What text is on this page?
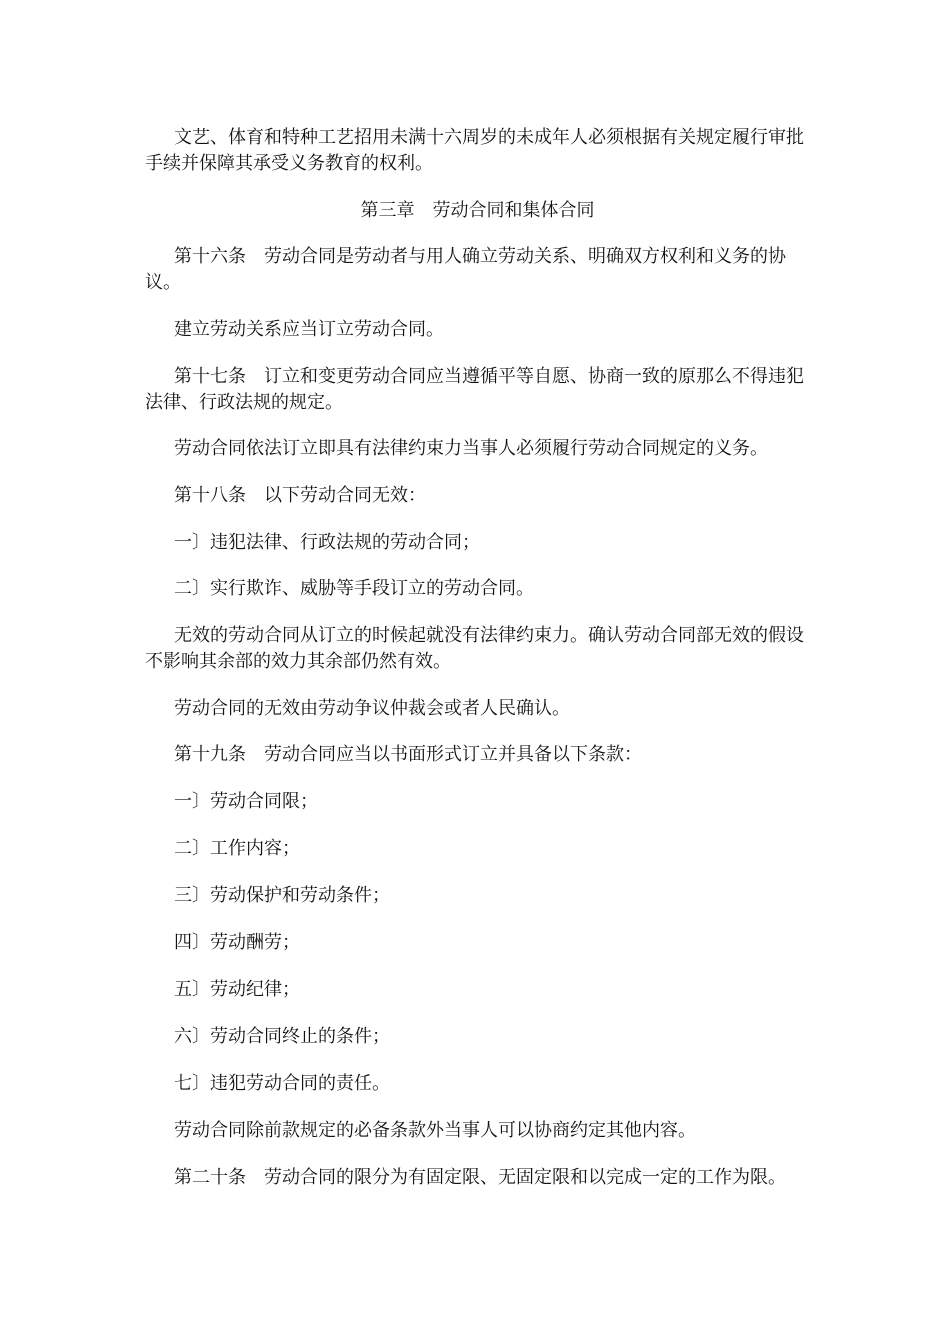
文艺、体育和特种工艺招用未满十六周岁的未成年人必须根据有关规定履行审批手续并保障其承受义务教育的权利。

第三章　劳动合同和集体合同

第十六条　劳动合同是劳动者与用人确立劳动关系、明确双方权利和义务的协议。

建立劳动关系应当订立劳动合同。

第十七条　订立和变更劳动合同应当遵循平等自愿、协商一致的原那么不得违犯法律、行政法规的规定。

劳动合同依法订立即具有法律约束力当事人必须履行劳动合同规定的义务。

第十八条　以下劳动合同无效：

一〕违犯法律、行政法规的劳动合同；

二〕实行欺诈、威胁等手段订立的劳动合同。

无效的劳动合同从订立的时候起就没有法律约束力。确认劳动合同部无效的假设不影响其余部的效力其余部仍然有效。

劳动合同的无效由劳动争议仲裁会或者人民确认。

第十九条　劳动合同应当以书面形式订立并具备以下条款：

一〕劳动合同限；

二〕工作内容；

三〕劳动保护和劳动条件；

四〕劳动酬劳；

五〕劳动纪律；

六〕劳动合同终止的条件；

七〕违犯劳动合同的责任。

劳动合同除前款规定的必备条款外当事人可以协商约定其他内容。

第二十条　劳动合同的限分为有固定限、无固定限和以完成一定的工作为限。
